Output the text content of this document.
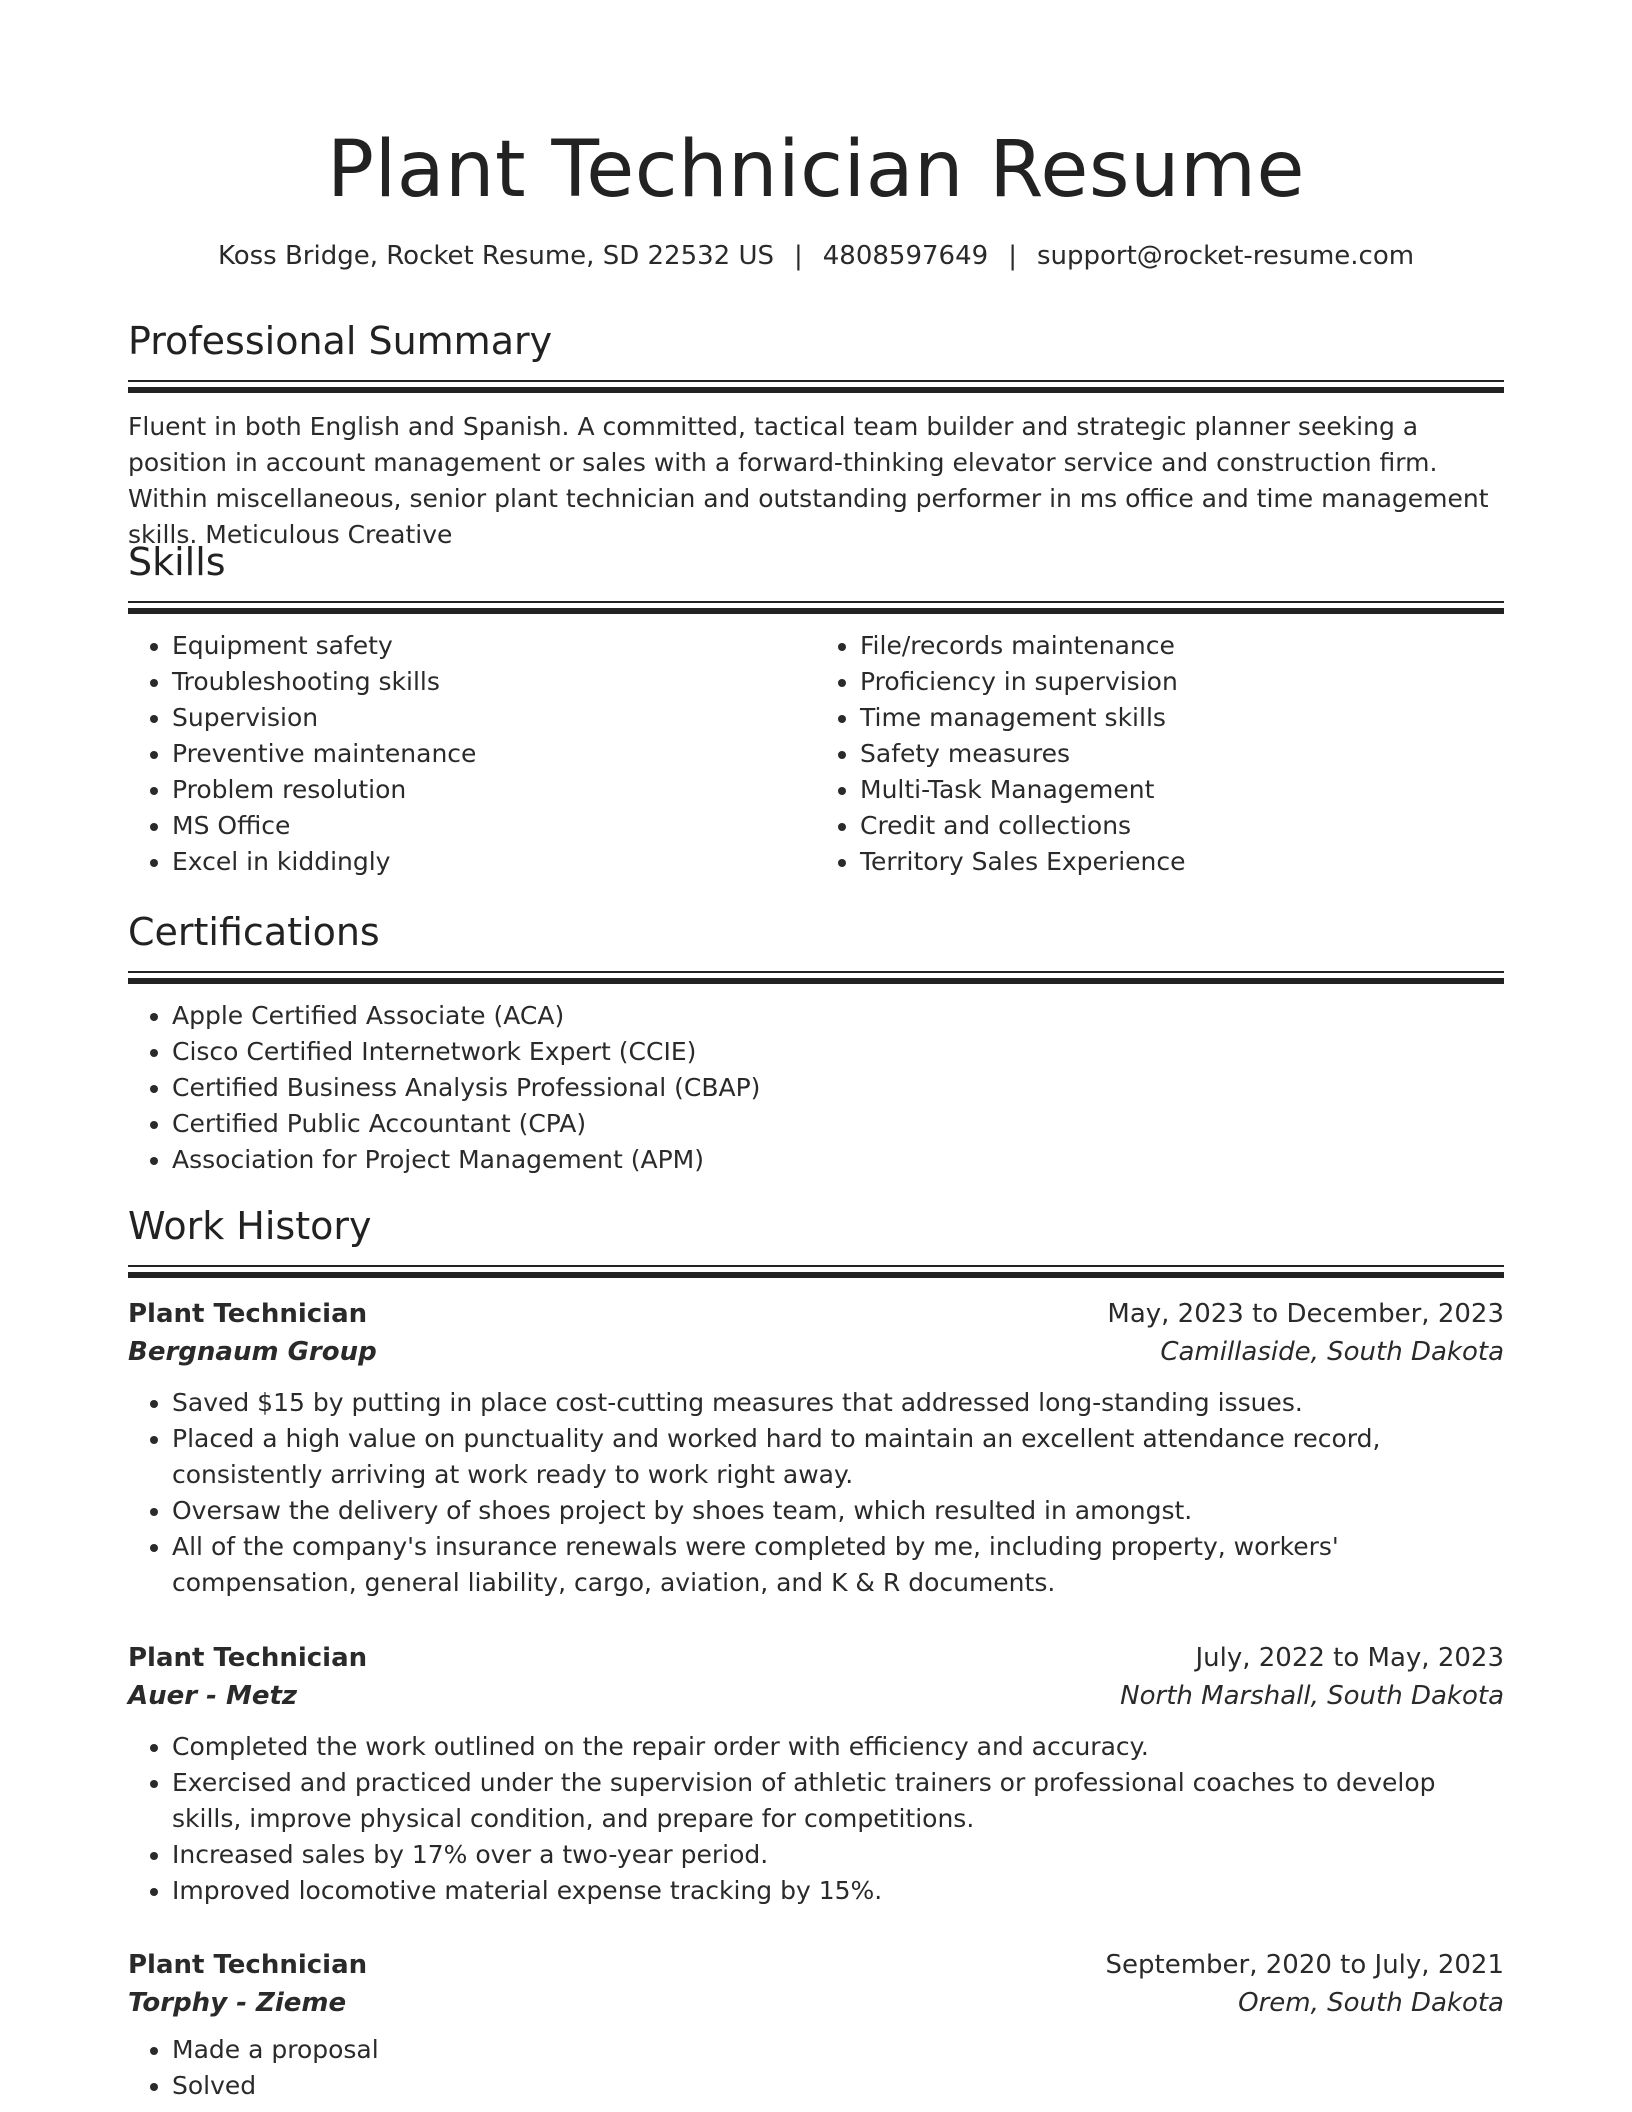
Plant Technician Resume
Koss Bridge, Rocket Resume, SD 22532 US | 4808597649 | support@rocket-resume.com
Professional Summary

Fluent in both English and Spanish. A committed, tactical team builder and strategic planner seeking a position in account management or sales with a forward-thinking elevator service and construction firm. Within miscellaneous, senior plant technician and outstanding performer in ms office and time management skills. Meticulous Creative

Skills
• Equipment safety
• Troubleshooting skills
• Supervision
• Preventive maintenance
• Problem resolution
• MS Office
• Excel in kiddingly
• File/records maintenance
• Proficiency in supervision
• Time management skills
• Safety measures
• Multi-Task Management
• Credit and collections
• Territory Sales Experience
Certifications
• Apple Certified Associate (ACA)
• Cisco Certified Internetwork Expert (CCIE)
• Certified Business Analysis Professional (CBAP)
• Certified Public Accountant (CPA)
• Association for Project Management (APM)
Work History
Plant Technician	May, 2023 to December, 2023
Bergnaum Group	Camillaside, South Dakota
• Saved $15 by putting in place cost-cutting measures that addressed long-standing issues.
• Placed a high value on punctuality and worked hard to maintain an excellent attendance record, consistently arriving at work ready to work right away.
• Oversaw the delivery of shoes project by shoes team, which resulted in amongst.
• All of the company's insurance renewals were completed by me, including property, workers' compensation, general liability, cargo, aviation, and K & R documents.
Plant Technician	July, 2022 to May, 2023
Auer - Metz	North Marshall, South Dakota
• Completed the work outlined on the repair order with efficiency and accuracy.
• Exercised and practiced under the supervision of athletic trainers or professional coaches to develop skills, improve physical condition, and prepare for competitions.
• Increased sales by 17% over a two-year period.
• Improved locomotive material expense tracking by 15%.
Plant Technician	September, 2020 to July, 2021
Torphy - Zieme	Orem, South Dakota
• Made a proposal
• Solved
